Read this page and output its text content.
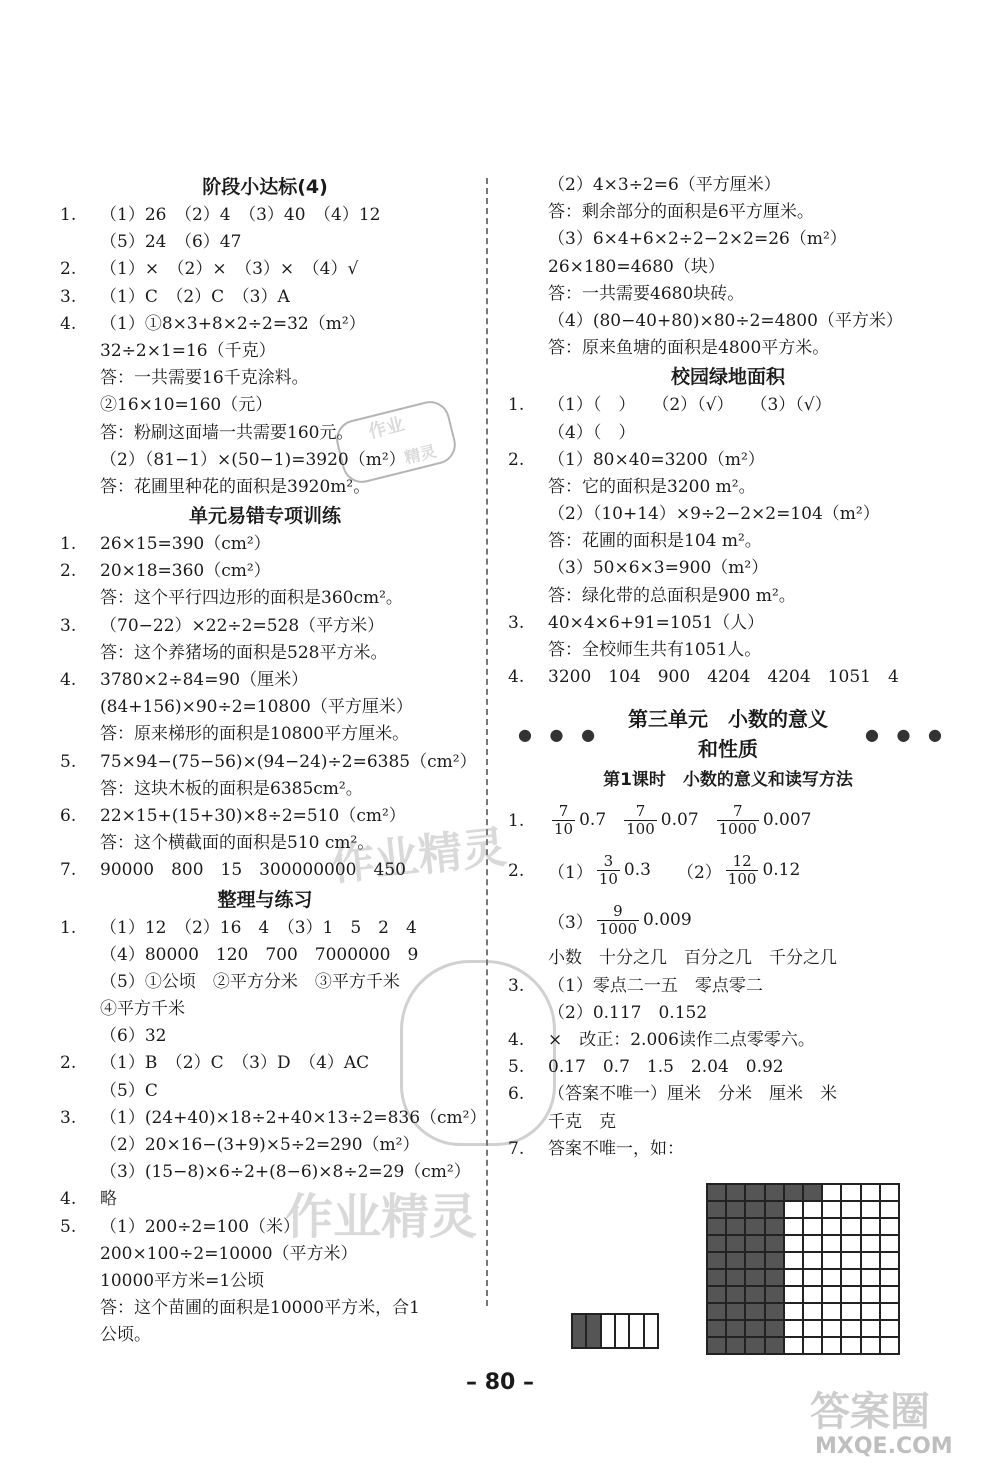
作业
精灵
作业精灵
作业精灵
答案圈
MXQE.COM
阶段小达标(4)
1.	（1）26　（2）4　（3）40　（4）12
（5）24　（6）47
2.	（1）×　（2）×　（3）×　（4）√
3.	（1）C　（2）C　（3）A
4.	（1）①8×3+8×2÷2=32（m²）
32÷2×1=16（千克）
答：一共需要16千克涂料。
②16×10=160（元）
答：粉刷这面墙一共需要160元。
（2）（81−1）×(50−1)=3920（m²）
答：花圃里种花的面积是3920m²。
单元易错专项训练
1.	26×15=390（cm²）
2.	20×18=360（cm²）
答：这个平行四边形的面积是360cm²。
3.	（70−22）×22÷2=528（平方米）
答：这个养猪场的面积是528平方米。
4.	3780×2÷84=90（厘米）
(84+156)×90÷2=10800（平方厘米）
答：原来梯形的面积是10800平方厘米。
5.	75×94−(75−56)×(94−24)÷2=6385（cm²）
答：这块木板的面积是6385cm²。
6.	22×15+(15+30)×8÷2=510（cm²）
答：这个横截面的面积是510 cm²。
7.	90000　800　15　300000000　450
整理与练习
1.	（1）12　（2）16　4　（3）1　5　2　4
（4）80000　120　700　7000000　9
（5）①公顷　②平方分米　③平方千米
④平方千米
（6）32
2.	（1）B　（2）C　（3）D　（4）AC
（5）C
3.	（1）(24+40)×18÷2+40×13÷2=836（cm²）
（2）20×16−(3+9)×5÷2=290（m²）
（3）(15−8)×6÷2+(8−6)×8÷2=29（cm²）
4.	略
5.	（1）200÷2=100（米）
200×100÷2=10000（平方米）
10000平方米=1公顷
答：这个苗圃的面积是10000平方米，合1
公顷。
（2）4×3÷2=6（平方厘米）
答：剩余部分的面积是6平方厘米。
（3）6×4+6×2÷2−2×2=26（m²）
26×180=4680（块）
答：一共需要4680块砖。
（4）(80−40+80)×80÷2=4800（平方米）
答：原来鱼塘的面积是4800平方米。
校园绿地面积
1.	（1）（　）　　（2）（√）　　（3）（√）
（4）（　）
2.	（1）80×40=3200（m²）
答：它的面积是3200 m²。
（2）（10+14）×9÷2−2×2=104（m²）
答：花圃的面积是104 m²。
（3）50×6×3=900（m²）
答：绿化带的总面积是900 m²。
3.	40×4×6+91=1051（人）
答：全校师生共有1051人。
4.	3200　104　900　4204　4204　1051　4
● ● ●
第三单元　小数的意义
和性质
● ● ●
第1课时　小数的意义和读写方法
1. $\frac{7}{10} 0.7 \frac{7}{100} 0.07 \frac{7}{1000} 0.007$
2. $(1) \frac{3}{10} 0.3$ $(2) \frac{12}{100} 0.12$
$(3) \frac{9}{1000} 0.009$
小数　十分之几　百分之几　千分之几
3.	（1）零点二一五　零点零二
（2）0.117　0.152
4.	×　改正：2.006读作二点零零六。
5.	0.17　0.7　1.5　2.04　0.92
6.	（答案不唯一）厘米　分米　厘米　米
千克　克
7.	答案不唯一，如：
– 80 –
